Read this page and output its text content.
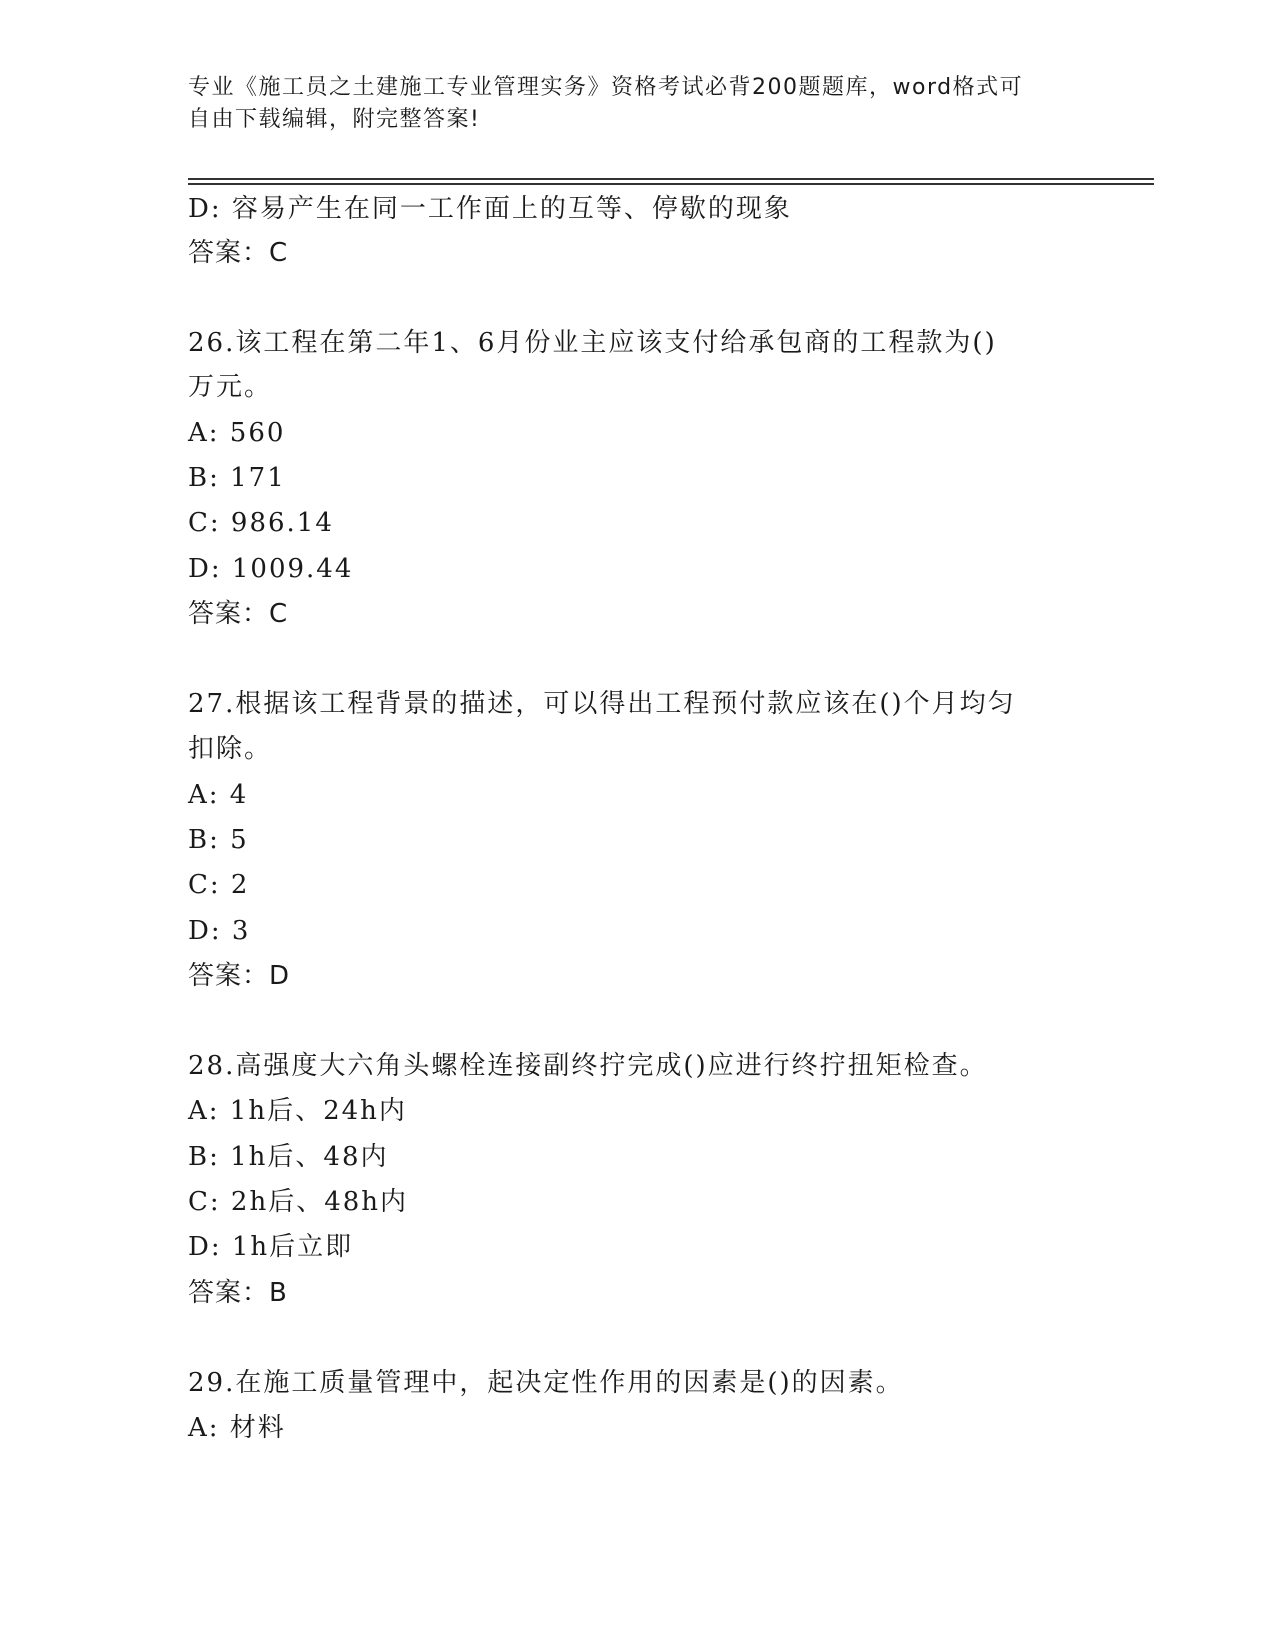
专业《施工员之土建施工专业管理实务》资格考试必背200题题库，word格式可
自由下载编辑，附完整答案!
D: 容易产生在同一工作面上的互等、停歇的现象
答案：C
26.该工程在第二年1、6月份业主应该支付给承包商的工程款为()
万元。
A: 560
B: 171
C: 986.14
D: 1009.44
答案：C
27.根据该工程背景的描述，可以得出工程预付款应该在()个月均匀
扣除。
A: 4
B: 5
C: 2
D: 3
答案：D
28.高强度大六角头螺栓连接副终拧完成()应进行终拧扭矩检查。
A: 1h后、24h内
B: 1h后、48内
C: 2h后、48h内
D: 1h后立即
答案：B
29.在施工质量管理中，起决定性作用的因素是()的因素。
A: 材料
